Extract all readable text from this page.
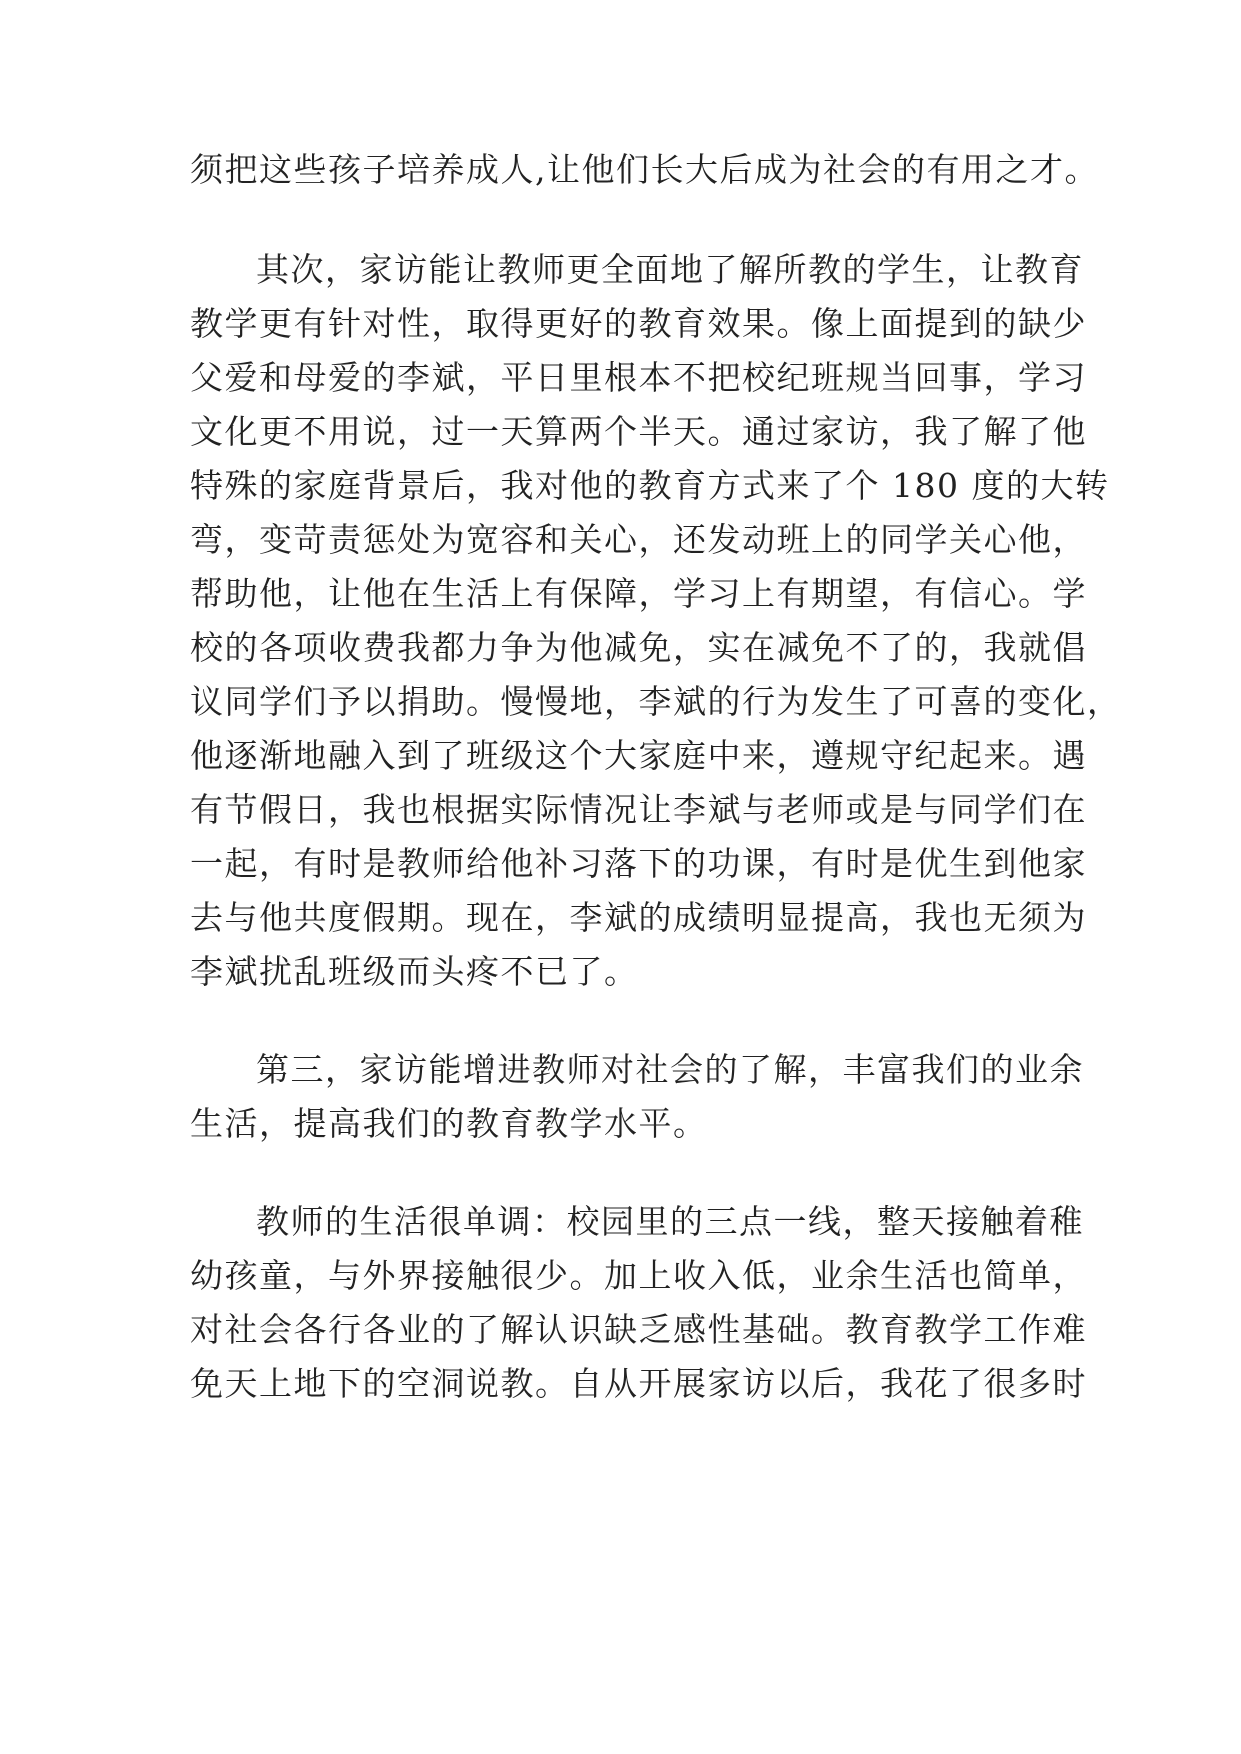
须把这些孩子培养成人,让他们长大后成为社会的有用之才。
其次，家访能让教师更全面地了解所教的学生，让教育
教学更有针对性，取得更好的教育效果。像上面提到的缺少
父爱和母爱的李斌，平日里根本不把校纪班规当回事，学习
文化更不用说，过一天算两个半天。通过家访，我了解了他
特殊的家庭背景后，我对他的教育方式来了个 180 度的大转
弯，变苛责惩处为宽容和关心，还发动班上的同学关心他，
帮助他，让他在生活上有保障，学习上有期望，有信心。学
校的各项收费我都力争为他减免，实在减免不了的，我就倡
议同学们予以捐助。慢慢地，李斌的行为发生了可喜的变化，
他逐渐地融入到了班级这个大家庭中来，遵规守纪起来。遇
有节假日，我也根据实际情况让李斌与老师或是与同学们在
一起，有时是教师给他补习落下的功课，有时是优生到他家
去与他共度假期。现在，李斌的成绩明显提高，我也无须为
李斌扰乱班级而头疼不已了。
第三，家访能增进教师对社会的了解，丰富我们的业余
生活，提高我们的教育教学水平。
教师的生活很单调：校园里的三点一线，整天接触着稚
幼孩童，与外界接触很少。加上收入低，业余生活也简单，
对社会各行各业的了解认识缺乏感性基础。教育教学工作难
免天上地下的空洞说教。自从开展家访以后，我花了很多时
